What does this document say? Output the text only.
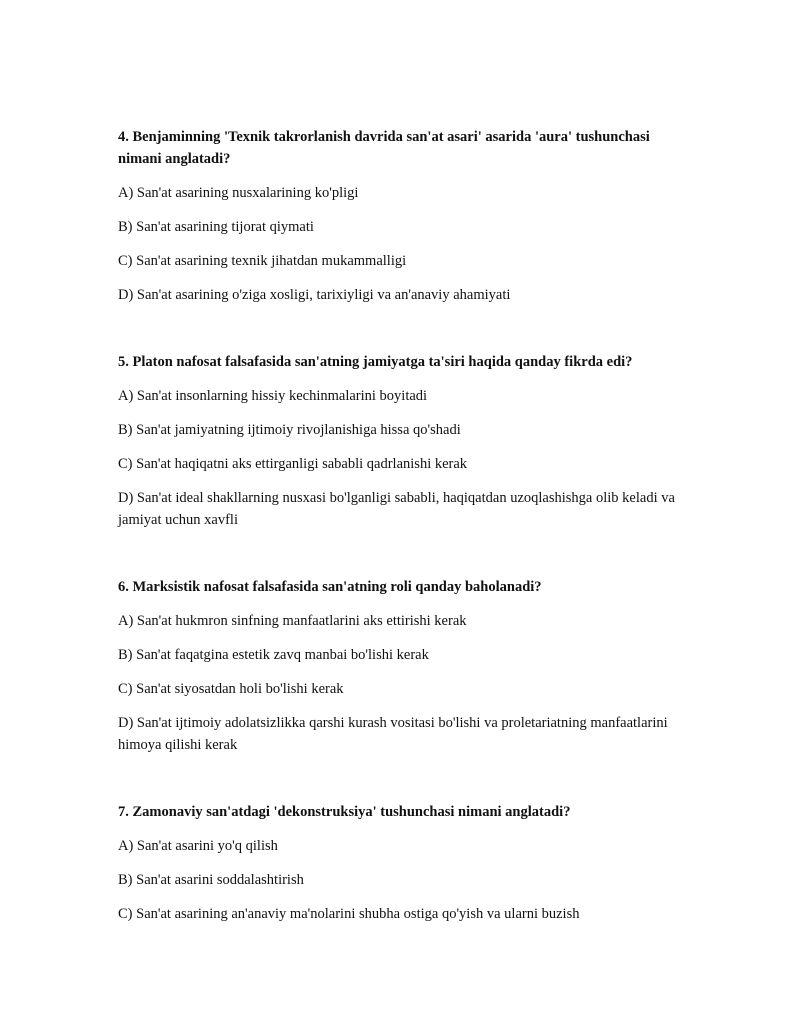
4. Benjaminning 'Texnik takrorlanish davrida san'at asari' asarida 'aura' tushunchasi nimani anglatadi?

A) San'at asarining nusxalarining ko'pligi

B) San'at asarining tijorat qiymati

C) San'at asarining texnik jihatdan mukammalligi

D) San'at asarining o'ziga xosligi, tarixiyligi va an'anaviy ahamiyati

5. Platon nafosat falsafasida san'atning jamiyatga ta'siri haqida qanday fikrda edi?

A) San'at insonlarning hissiy kechinmalarini boyitadi

B) San'at jamiyatning ijtimoiy rivojlanishiga hissa qo'shadi

C) San'at haqiqatni aks ettirganligi sababli qadrlanishi kerak

D) San'at ideal shakllarning nusxasi bo'lganligi sababli, haqiqatdan uzoqlashishga olib keladi va jamiyat uchun xavfli

6. Marksistik nafosat falsafasida san'atning roli qanday baholanadi?

A) San'at hukmron sinfning manfaatlarini aks ettirishi kerak

B) San'at faqatgina estetik zavq manbai bo'lishi kerak

C) San'at siyosatdan holi bo'lishi kerak

D) San'at ijtimoiy adolatsizlikka qarshi kurash vositasi bo'lishi va proletariatning manfaatlarini himoya qilishi kerak

7. Zamonaviy san'atdagi 'dekonstruksiya' tushunchasi nimani anglatadi?

A) San'at asarini yo'q qilish

B) San'at asarini soddalashtirish

C) San'at asarining an'anaviy ma'nolarini shubha ostiga qo'yish va ularni buzish
